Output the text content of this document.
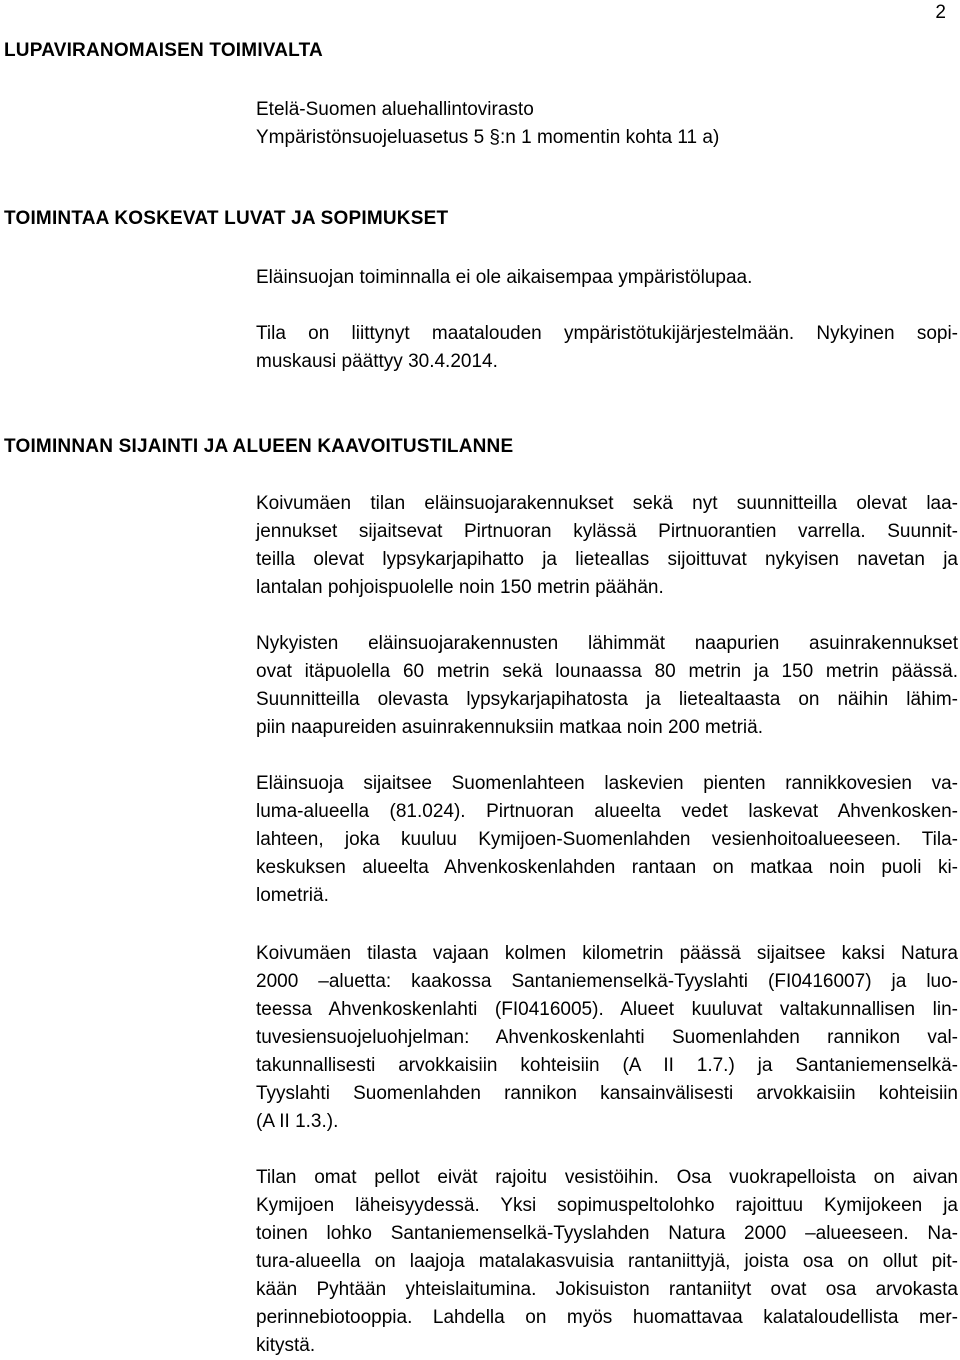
2
LUPAVIRANOMAISEN TOIMIVALTA
Etelä-Suomen aluehallintovirasto
Ympäristönsuojeluasetus 5 §:n 1 momentin kohta 11 a)
TOIMINTAA KOSKEVAT LUVAT JA SOPIMUKSET
Eläinsuojan toiminnalla ei ole aikaisempaa ympäristölupaa.
Tila on liittynyt maatalouden ympäristötukijärjestelmään. Nykyinen sopi-
muskausi päättyy 30.4.2014.
TOIMINNAN SIJAINTI JA ALUEEN KAAVOITUSTILANNE
Koivumäen tilan eläinsuojarakennukset sekä nyt suunnitteilla olevat laa-
jennukset sijaitsevat Pirtnuoran kylässä Pirtnuorantien varrella. Suunnit-
teilla olevat lypsykarjapihatto ja lieteallas sijoittuvat nykyisen navetan ja
lantalan pohjoispuolelle noin 150 metrin päähän.
Nykyisten eläinsuojarakennusten lähimmät naapurien asuinrakennukset
ovat itäpuolella 60 metrin sekä lounaassa 80 metrin ja 150 metrin päässä.
Suunnitteilla olevasta lypsykarjapihatosta ja lietealtaasta on näihin lähim-
piin naapureiden asuinrakennuksiin matkaa noin 200 metriä.
Eläinsuoja sijaitsee Suomenlahteen laskevien pienten rannikkovesien va-
luma-alueella (81.024). Pirtnuoran alueelta vedet laskevat Ahvenkosken-
lahteen, joka kuuluu Kymijoen-Suomenlahden vesienhoitoalueeseen. Tila-
keskuksen alueelta Ahvenkoskenlahden rantaan on matkaa noin puoli ki-
lometriä.
Koivumäen tilasta vajaan kolmen kilometrin päässä sijaitsee kaksi Natura
2000 –aluetta: kaakossa Santaniemenselkä-Tyyslahti (FI0416007) ja luo-
teessa Ahvenkoskenlahti (FI0416005). Alueet kuuluvat valtakunnallisen lin-
tuvesiensuojeluohjelman: Ahvenkoskenlahti Suomenlahden rannikon val-
takunnallisesti arvokkaisiin kohteisiin (A II 1.7.) ja Santaniemenselkä-
Tyyslahti Suomenlahden rannikon kansainvälisesti arvokkaisiin kohteisiin
(A II 1.3.).
Tilan omat pellot eivät rajoitu vesistöihin. Osa vuokrapelloista on aivan
Kymijoen läheisyydessä. Yksi sopimuspeltolohko rajoittuu Kymijokeen ja
toinen lohko Santaniemenselkä-Tyyslahden Natura 2000 –alueeseen. Na-
tura-alueella on laajoja matalakasvuisia rantaniittyjä, joista osa on ollut pit-
kään Pyhtään yhteislaitumina. Jokisuiston rantaniityt ovat osa arvokasta
perinnebiotooppia. Lahdella on myös huomattavaa kalataloudellista mer-
kitystä.
